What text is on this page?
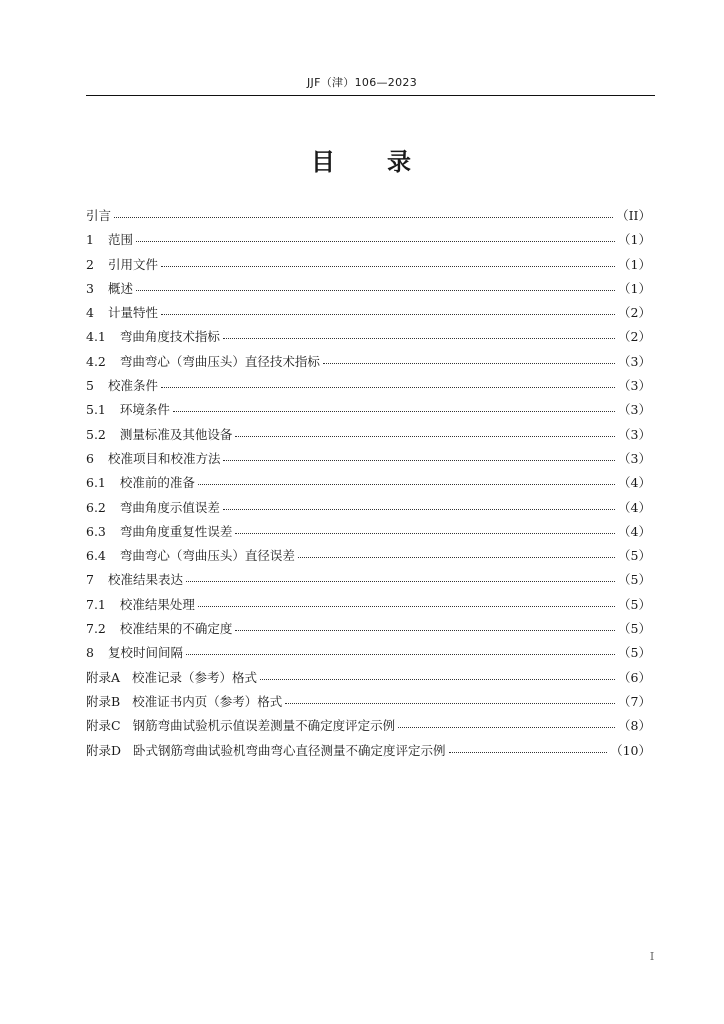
JJF（津）106—2023
目 录
引言	（II）
1 范围	（1）
2 引用文件	（1）
3 概述	（1）
4 计量特性	（2）
4.1 弯曲角度技术指标	（2）
4.2 弯曲弯心（弯曲压头）直径技术指标	（3）
5 校准条件	（3）
5.1 环境条件	（3）
5.2 测量标准及其他设备	（3）
6 校准项目和校准方法	（3）
6.1 校准前的准备	（4）
6.2 弯曲角度示值误差	（4）
6.3 弯曲角度重复性误差	（4）
6.4 弯曲弯心（弯曲压头）直径误差	（5）
7 校准结果表达	（5）
7.1 校准结果处理	（5）
7.2 校准结果的不确定度	（5）
8 复校时间间隔	（5）
附录A 校准记录（参考）格式	（6）
附录B 校准证书内页（参考）格式	（7）
附录C 钢筋弯曲试验机示值误差测量不确定度评定示例	（8）
附录D 卧式钢筋弯曲试验机弯曲弯心直径测量不确定度评定示例	（10）
I
